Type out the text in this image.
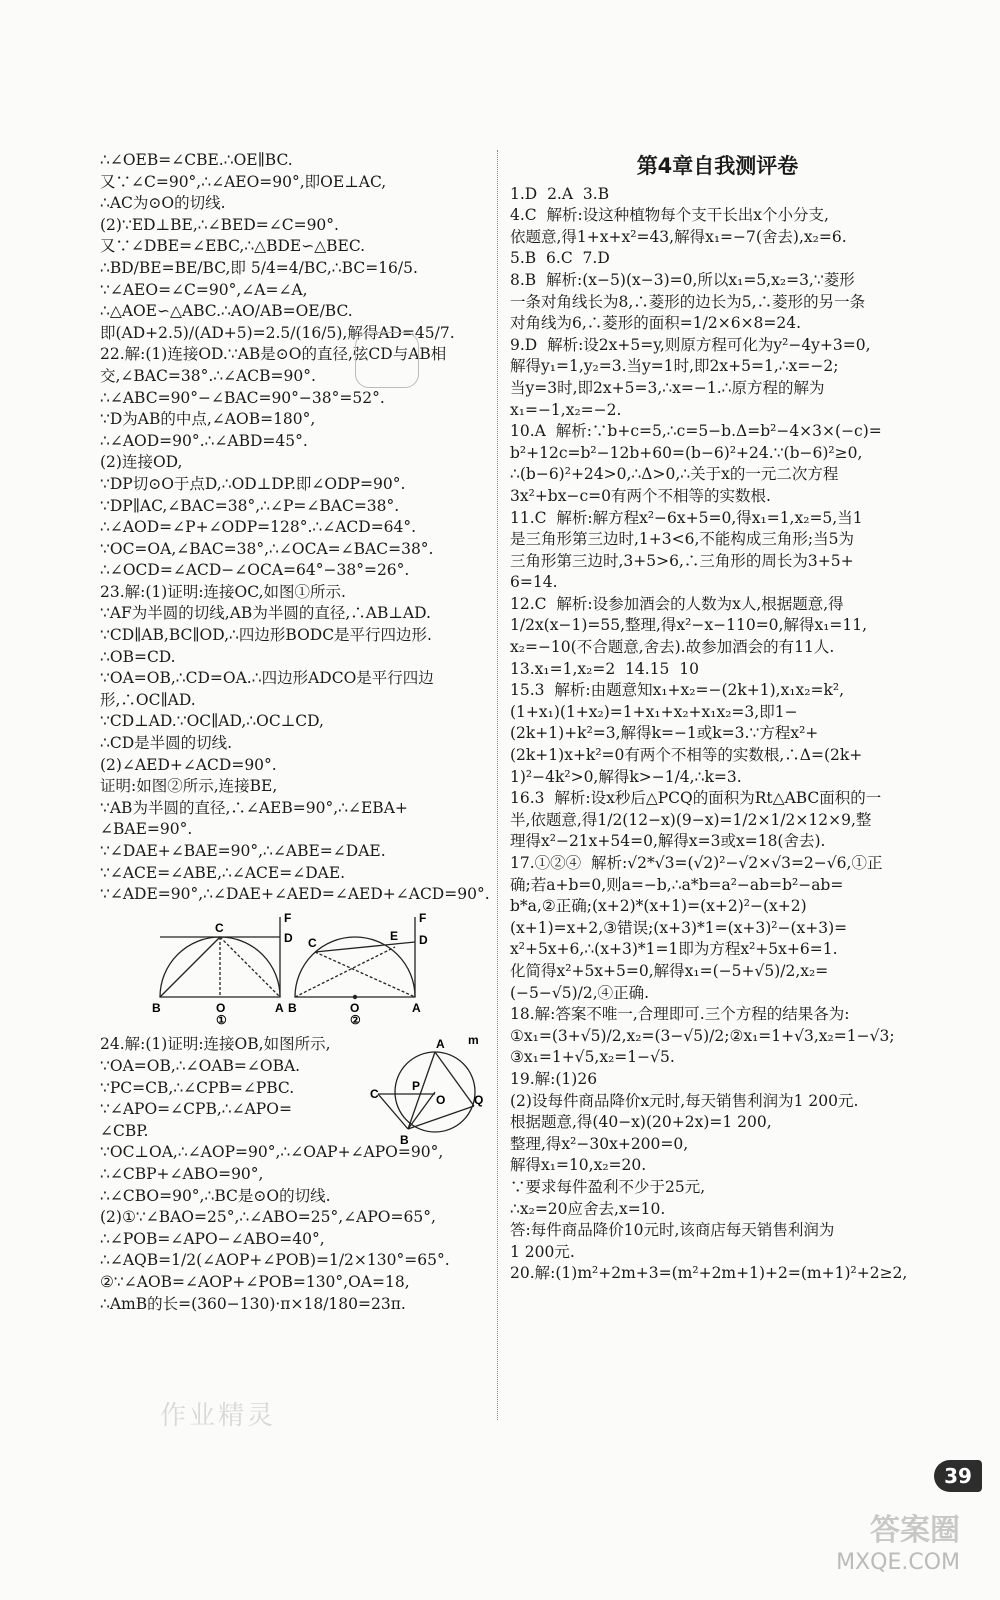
∴∠OEB=∠CBE.∴OE∥BC.
又∵∠C=90°,∴∠AEO=90°,即OE⊥AC,
∴AC为⊙O的切线.
(2)∵ED⊥BE,∴∠BED=∠C=90°.
又∵∠DBE=∠EBC,∴△BDE∽△BEC.
∴BD/BE=BE/BC,即 5/4=4/BC,∴BC=16/5.
∵∠AEO=∠C=90°,∠A=∠A,
∴△AOE∽△ABC.∴AO/AB=OE/BC.
即(AD+2.5)/(AD+5)=2.5/(16/5),解得AD=45/7.
22.解:(1)连接OD.∵AB是⊙O的直径,弦CD与AB相
交,∠BAC=38°.∴∠ACB=90°.
∴∠ABC=90°−∠BAC=90°−38°=52°.
∵D为AB的中点,∠AOB=180°,
∴∠AOD=90°.∴∠ABD=45°.
(2)连接OD,
∵DP切⊙O于点D,∴OD⊥DP.即∠ODP=90°.
∵DP∥AC,∠BAC=38°,∴∠P=∠BAC=38°.
∴∠AOD=∠P+∠ODP=128°.∴∠ACD=64°.
∵OC=OA,∠BAC=38°,∴∠OCA=∠BAC=38°.
∴∠OCD=∠ACD−∠OCA=64°−38°=26°.
23.解:(1)证明:连接OC,如图①所示.
∵AF为半圆的切线,AB为半圆的直径,∴AB⊥AD.
∵CD∥AB,BC∥OD,∴四边形BODC是平行四边形.
∴OB=CD.
∵OA=OB,∴CD=OA.∴四边形ADCO是平行四边
形,∴OC∥AD.
∵CD⊥AD.∵OC∥AD,∴OC⊥CD,
∴CD是半圆的切线.
(2)∠AED+∠ACD=90°.
证明:如图②所示,连接BE,
∵AB为半圆的直径,∴∠AEB=90°,∴∠EBA+
∠BAE=90°.
∵∠DAE+∠BAE=90°,∴∠ABE=∠DAE.
∵∠ACE=∠ABE,∴∠ACE=∠DAE.
∵∠ADE=90°,∴∠DAE+∠AED=∠AED+∠ACD=90°.
B	O	A
C
D
F
①
B	O	A
C	E D
F
②
24.解:(1)证明:连接OB,如图所示,
∵OA=OB,∴∠OAB=∠OBA.
∵PC=CB,∴∠CPB=∠PBC.
∵∠APO=∠CPB,∴∠APO=
∠CBP.
∵OC⊥OA,∴∠AOP=90°,∴∠OAP+∠APO=90°,
∴∠CBP+∠ABO=90°,
∴∠CBO=90°,∴BC是⊙O的切线.
(2)①∵∠BAO=25°,∴∠ABO=25°,∠APO=65°,
∴∠POB=∠APO−∠ABO=40°,
∴∠AQB=1/2(∠AOP+∠POB)=1/2×130°=65°.
②∵∠AOB=∠AOP+∠POB=130°,OA=18,
∴AmB的长=(360−130)·π×18/180=23π.
A m
C
P
O Q
B
第4章自我测评卷
1.D  2.A  3.B
4.C  解析:设这种植物每个支干长出x个小分支,
依题意,得1+x+x²=43,解得x₁=−7(舍去),x₂=6.
5.B  6.C  7.D
8.B  解析:(x−5)(x−3)=0,所以x₁=5,x₂=3,∵菱形
一条对角线长为8,∴菱形的边长为5,∴菱形的另一条
对角线为6,∴菱形的面积=1/2×6×8=24.
9.D  解析:设2x+5=y,则原方程可化为y²−4y+3=0,
解得y₁=1,y₂=3.当y=1时,即2x+5=1,∴x=−2;
当y=3时,即2x+5=3,∴x=−1.∴原方程的解为
x₁=−1,x₂=−2.
10.A  解析:∵b+c=5,∴c=5−b.Δ=b²−4×3×(−c)=
b²+12c=b²−12b+60=(b−6)²+24.∵(b−6)²≥0,
∴(b−6)²+24>0,∴Δ>0,∴关于x的一元二次方程
3x²+bx−c=0有两个不相等的实数根.
11.C  解析:解方程x²−6x+5=0,得x₁=1,x₂=5,当1
是三角形第三边时,1+3<6,不能构成三角形;当5为
三角形第三边时,3+5>6,∴三角形的周长为3+5+
6=14.
12.C  解析:设参加酒会的人数为x人,根据题意,得
1/2x(x−1)=55,整理,得x²−x−110=0,解得x₁=11,
x₂=−10(不合题意,舍去).故参加酒会的有11人.
13.x₁=1,x₂=2  14.15  10
15.3  解析:由题意知x₁+x₂=−(2k+1),x₁x₂=k²,
(1+x₁)(1+x₂)=1+x₁+x₂+x₁x₂=3,即1−
(2k+1)+k²=3,解得k=−1或k=3.∵方程x²+
(2k+1)x+k²=0有两个不相等的实数根,∴Δ=(2k+
1)²−4k²>0,解得k>−1/4,∴k=3.
16.3  解析:设x秒后△PCQ的面积为Rt△ABC面积的一
半,依题意,得1/2(12−x)(9−x)=1/2×1/2×12×9,整
理得x²−21x+54=0,解得x=3或x=18(舍去).
17.①②④  解析:√2*√3=(√2)²−√2×√3=2−√6,①正
确;若a+b=0,则a=−b,∴a*b=a²−ab=b²−ab=
b*a,②正确;(x+2)*(x+1)=(x+2)²−(x+2)
(x+1)=x+2,③错误;(x+3)*1=(x+3)²−(x+3)=
x²+5x+6,∴(x+3)*1=1即为方程x²+5x+6=1.
化简得x²+5x+5=0,解得x₁=(−5+√5)/2,x₂=
(−5−√5)/2,④正确.
18.解:答案不唯一,合理即可.三个方程的结果各为:
①x₁=(3+√5)/2,x₂=(3−√5)/2;②x₁=1+√3,x₂=1−√3;
③x₁=1+√5,x₂=1−√5.
19.解:(1)26
(2)设每件商品降价x元时,每天销售利润为1 200元.
根据题意,得(40−x)(20+2x)=1 200,
整理,得x²−30x+200=0,
解得x₁=10,x₂=20.
∵要求每件盈利不少于25元,
∴x₂=20应舍去,x=10.
答:每件商品降价10元时,该商店每天销售利润为
1 200元.
20.解:(1)m²+2m+3=(m²+2m+1)+2=(m+1)²+2≥2,
作业精灵
39
答案圈
MXQE.COM
